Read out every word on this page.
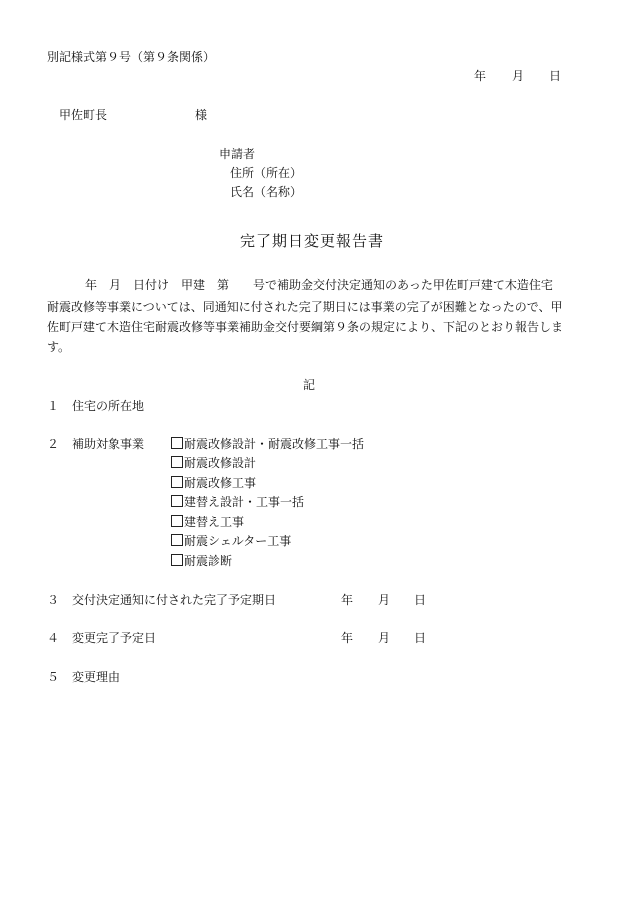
別記様式第９号（第９条関係）
年 月 日
甲佐町長	様
申請者
住所（所在）
氏名（名称）
完了期日変更報告書
年　月　日付け　甲建　第　　号で補助金交付決定通知のあった甲佐町戸建て木造住宅
耐震改修等事業については、同通知に付された完了期日には事業の完了が困難となったので、甲
佐町戸建て木造住宅耐震改修等事業補助金交付要綱第９条の規定により、下記のとおり報告しま
す。
記
１ 住宅の所在地
２ 補助対象事業	耐震改修設計・耐震改修工事一括
耐震改修設計
耐震改修工事
建替え設計・工事一括
建替え工事
耐震シェルター工事
耐震診断
３ 交付決定通知に付された完了予定期日	年 月 日
４ 変更完了予定日	年 月 日
５ 変更理由
